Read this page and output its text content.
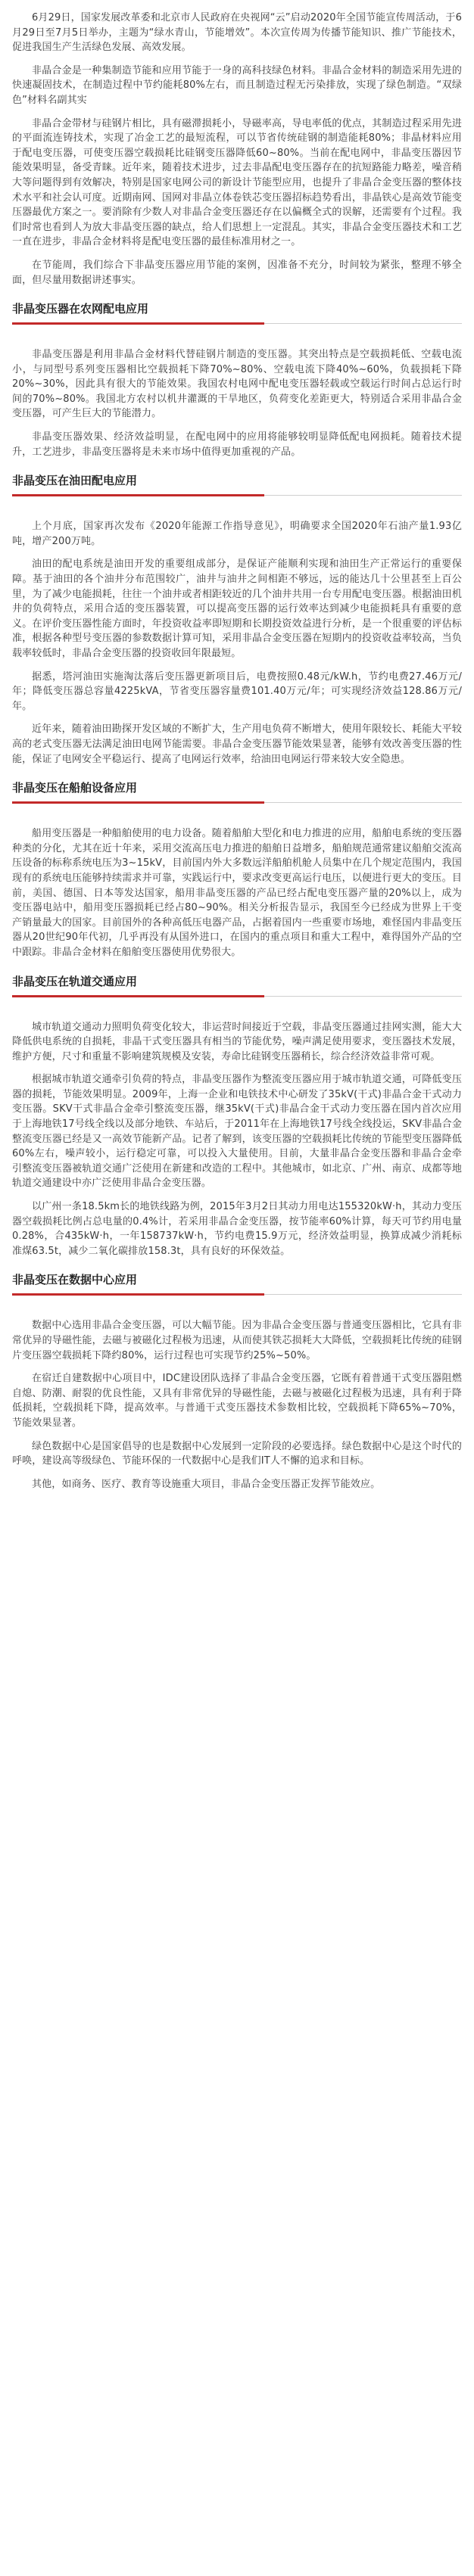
6月29日，国家发展改革委和北京市人民政府在央视网“云”启动2020年全国节能宣传周活动，于6月29日至7月5日举办，主题为“绿水青山，节能增效”。本次宣传周为传播节能知识、推广节能技术，促进我国生产生活绿色发展、高效发展。

非晶合金是一种集制造节能和应用节能于一身的高科技绿色材料。非晶合金材料的制造采用先进的快速凝固技术，在制造过程中节约能耗80%左右，而且制造过程无污染排放，实现了绿色制造。“双绿色”材料名副其实

非晶合金带材与硅钢片相比，具有磁滞损耗小，导磁率高，导电率低的优点，其制造过程采用先进的平面流连铸技术，实现了冶金工艺的最短流程，可以节省传统硅钢的制造能耗80%；非晶材料应用于配电变压器，可使变压器空载损耗比硅钢变压器降低60~80%。当前在配电网中，非晶变压器因节能效果明显，备受青睐。近年来，随着技术进步，过去非晶配电变压器存在的抗短路能力略差，噪音稍大等问题得到有效解决，特别是国家电网公司的新设计节能型应用，也提升了非晶合金变压器的整体技术水平和社会认可度。近期南网、国网对非晶立体卷铁芯变压器招标趋势看出，非晶铁心是高效节能变压器最优方案之一。要消除有少数人对非晶合金变压器还存在以偏概全式的误解，还需要有个过程。我们时常也看到人为放大非晶变压器的缺点，给人们思想上一定混乱。其实，非晶合金变压器技术和工艺一直在进步，非晶合金材料将是配电变压器的最佳标准用材之一。

在节能周，我们综合下非晶变压器应用节能的案例，因准备不充分，时间较为紧张，整理不够全面，但尽量用数据讲述事实。

非晶变压器在农网配电应用

非晶变压器是利用非晶合金材料代替硅钢片制造的变压器。其突出特点是空载损耗低、空载电流小，与同型号系列变压器相比空载损耗下降70%~80%、空载电流下降40%~60%，负载损耗下降20%~30%，因此具有很大的节能效果。我国农村电网中配电变压器轻载或空载运行时间占总运行时间的70%~80%。我国北方农村以机井灌溉的干旱地区，负荷变化差距更大，特别适合采用非晶合金变压器，可产生巨大的节能潜力。

非晶变压器效果、经济效益明显，在配电网中的应用将能够较明显降低配电网损耗。随着技术提升，工艺进步，非晶变压器将是未来市场中值得更加重视的产品。

非晶变压在油田配电应用

上个月底，国家再次发布《2020年能源工作指导意见》，明确要求全国2020年石油产量1.93亿吨，增产200万吨。

油田的配电系统是油田开发的重要组成部分，是保证产能顺利实现和油田生产正常运行的重要保障。基于油田的各个油井分布范围较广，油井与油井之间相距不够远，远的能达几十公里甚至上百公里，为了减少电能损耗，往往一个油井或者相距较近的几个油井共用一台专用配电变压器。根据油田机井的负荷特点，采用合适的变压器装置，可以提高变压器的运行效率达到减少电能损耗具有重要的意义。在评价变压器性能方面时，年投资收益率即短期和长期投资效益进行分析，是一个很重要的评估标准，根据各种型号变压器的参数数据计算可知，采用非晶合金变压器在短期内的投资收益率较高，当负载率较低时，非晶合金变压器的投资收回年限最短。

据悉，塔河油田实施淘汰落后变压器更新项目后，电费按照0.48元/kW.h，节约电费27.46万元/年；降低变压器总容量4225kVA，节省变压器容量费101.40万元/年；可实现经济效益128.86万元/年。

近年来，随着油田勘探开发区域的不断扩大，生产用电负荷不断增大，使用年限较长、耗能大平较高的老式变压器无法满足油田电网节能需要。非晶合金变压器节能效果显著，能够有效改善变压器的性能，保证了电网安全平稳运行、提高了电网运行效率，给油田电网运行带来较大安全隐患。

非晶变压在船舶设备应用

船用变压器是一种船舶使用的电力设备。随着船舶大型化和电力推进的应用，船舶电系统的变压器种类的分化，尤其在近十年来，采用交流高压电力推进的船舶日益增多，船舶规范通常建议船舶交流高压设备的标称系统电压为3~15kV，目前国内外大多数远洋船舶机舱人员集中在几个规定范围内，我国现有的系统电压能够持续需求并可靠，实践运行中，要求改变更高运行电压，以便进行更大的变压。目前，美国、德国、日本等发达国家，船用非晶变压器的产品已经占配电变压器产量的20%以上，成为变压器电站中，船用变压器损耗已经占80~90%。相关分析报告显示，我国至今已经成为世界上干变产销量最大的国家。目前国外的各种高低压电器产品，占据着国内一些重要市场地，难怪国内非晶变压器从20世纪90年代初，几乎再没有从国外进口，在国内的重点项目和重大工程中，难得国外产品的空中跟踪。非晶合金材料在船舶变压器使用优势很大。

非晶变压在轨道交通应用

城市轨道交通动力照明负荷变化较大，非运营时间接近于空载，非晶变压器通过挂网实测，能大大降低供电系统的自损耗，非晶干式变压器具有相当的节能优势，噪声满足使用要求，变压器技术发展，维护方便，尺寸和重量不影响建筑规模及安装，寿命比硅钢变压器稍长，综合经济效益非常可观。

根据城市轨道交通牵引负荷的特点，非晶变压器作为整流变压器应用于城市轨道交通，可降低变压器的损耗，节能效果明显。2009年，上海一企业和电铁技术中心研发了35kV(干式)非晶合金干式动力变压器。SKV干式非晶合金牵引整流变压器，继35kV(干式)非晶合金干式动力变压器在国内首次应用于上海地铁17号线全线以及部分地铁、车站后，于2011年在上海地铁17号线全线投运，SKV非晶合金整流变压器已经是又一高效节能新产品。记者了解到，该变压器的空载损耗比传统的节能型变压器降低60%左右，噪声较小，运行稳定可靠，可以投入大量使用。目前，大量非晶合金变压器和非晶合金牵引整流变压器被轨道交通广泛使用在新建和改造的工程中。其他城市，如北京、广州、南京、成都等地轨道交通建设中亦广泛使用非晶合金变压器。

以广州一条18.5km长的地铁线路为例，2015年3月2日其动力用电达155320kW·h，其动力变压器空载损耗比例占总电量的0.4%计，若采用非晶合金变压器，按节能率60%计算，每天可节约用电量0.28%，合435kW·h，一年158737kW·h，节约电费15.9万元，经济效益明显，换算成减少消耗标准煤63.5t，减少二氧化碳排放158.3t，具有良好的环保效益。

非晶变压在数据中心应用

数据中心选用非晶合金变压器，可以大幅节能。因为非晶合金变压器与普通变压器相比，它具有非常优异的导磁性能，去磁与被磁化过程极为迅速，从而使其铁芯损耗大大降低，空载损耗比传统的硅钢片变压器空载损耗下降约80%，运行过程也可实现节约25%~50%。

在宿迁自建数据中心项目中，IDC建设团队选择了非晶合金变压器，它既有着普通干式变压器阻燃自熄、防潮、耐裂的优良性能，又具有非常优异的导磁性能，去磁与被磁化过程极为迅速，具有利于降低损耗，空载损耗下降，提高效率。与普通干式变压器技术参数相比较，空载损耗下降65%~70%，节能效果显著。

绿色数据中心是国家倡导的也是数据中心发展到一定阶段的必要选择。绿色数据中心是这个时代的呼唤，建设高等级绿色、节能环保的一代数据中心是我们IT人不懈的追求和目标。

其他，如商务、医疗、教育等设施重大项目，非晶合金变压器正发挥节能效应。
